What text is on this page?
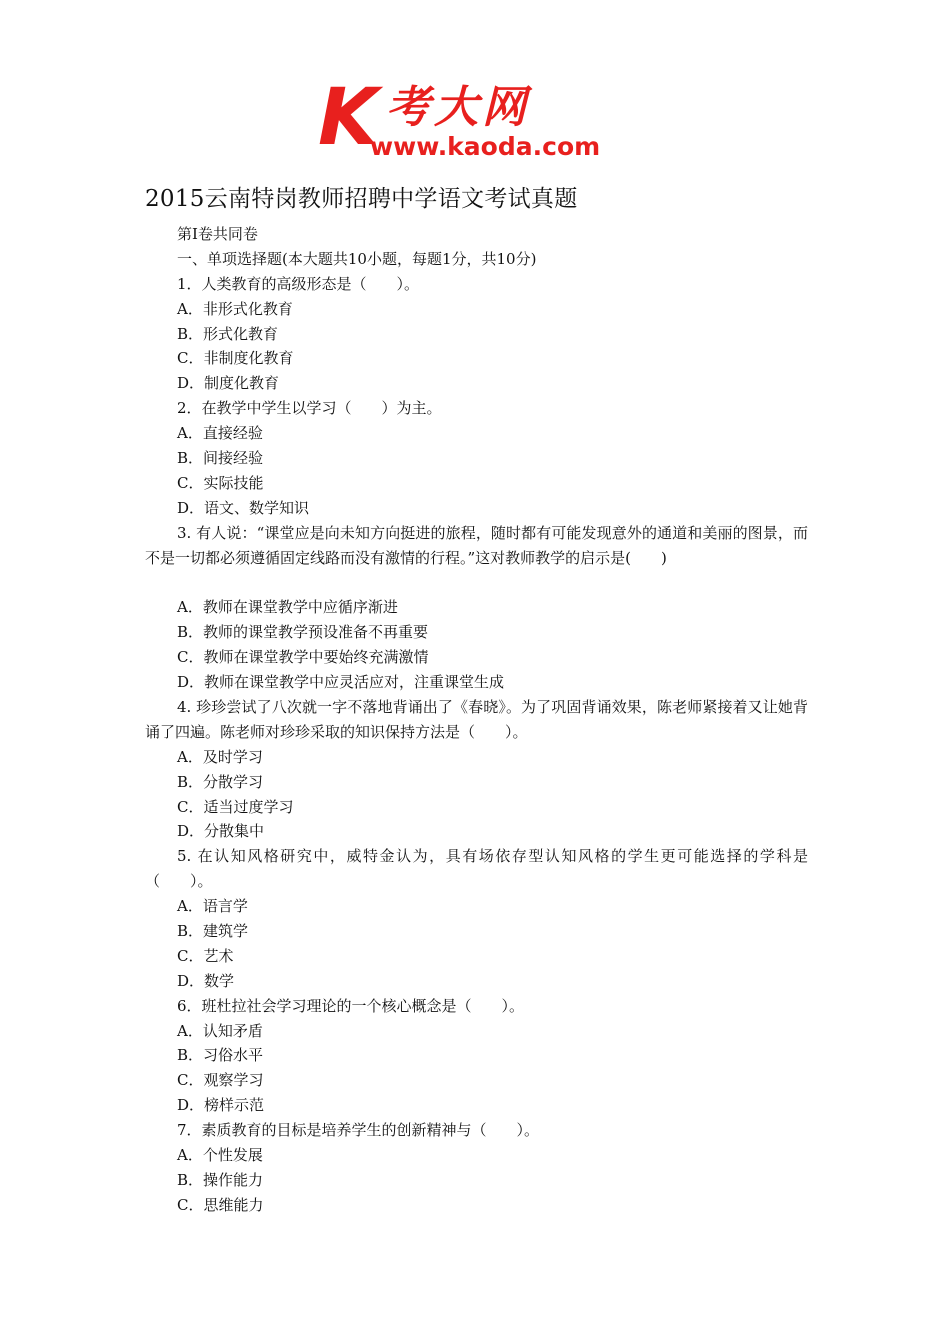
K 考大网
www.kaoda.com
2015云南特岗教师招聘中学语文考试真题
第Ⅰ卷共同卷
一、单项选择题(本大题共10小题，每题1分，共10分)
1．人类教育的高级形态是（　　）。
A．非形式化教育
B．形式化教育
C．非制度化教育
D．制度化教育
2．在教学中学生以学习（　　）为主。
A．直接经验
B．间接经验
C．实际技能
D．语文、数学知识
3. 有人说：“课堂应是向未知方向挺进的旅程，随时都有可能发现意外的通道和美丽的图景，而不是一切都必须遵循固定线路而没有激情的行程。”这对教师教学的启示是(　　)
A．教师在课堂教学中应循序渐进
B．教师的课堂教学预设准备不再重要
C．教师在课堂教学中要始终充满激情
D．教师在课堂教学中应灵活应对，注重课堂生成
4. 珍珍尝试了八次就一字不落地背诵出了《春晓》。为了巩固背诵效果，陈老师紧接着又让她背诵了四遍。陈老师对珍珍采取的知识保持方法是（　　）。
A．及时学习
B．分散学习
C．适当过度学习
D．分散集中
5. 在认知风格研究中，威特金认为，具有场依存型认知风格的学生更可能选择的学科是（　　）。
A．语言学
B．建筑学
C．艺术
D．数学
6．班杜拉社会学习理论的一个核心概念是（　　）。
A．认知矛盾
B．习俗水平
C．观察学习
D．榜样示范
7．素质教育的目标是培养学生的创新精神与（　　）。
A．个性发展
B．操作能力
C．思维能力
